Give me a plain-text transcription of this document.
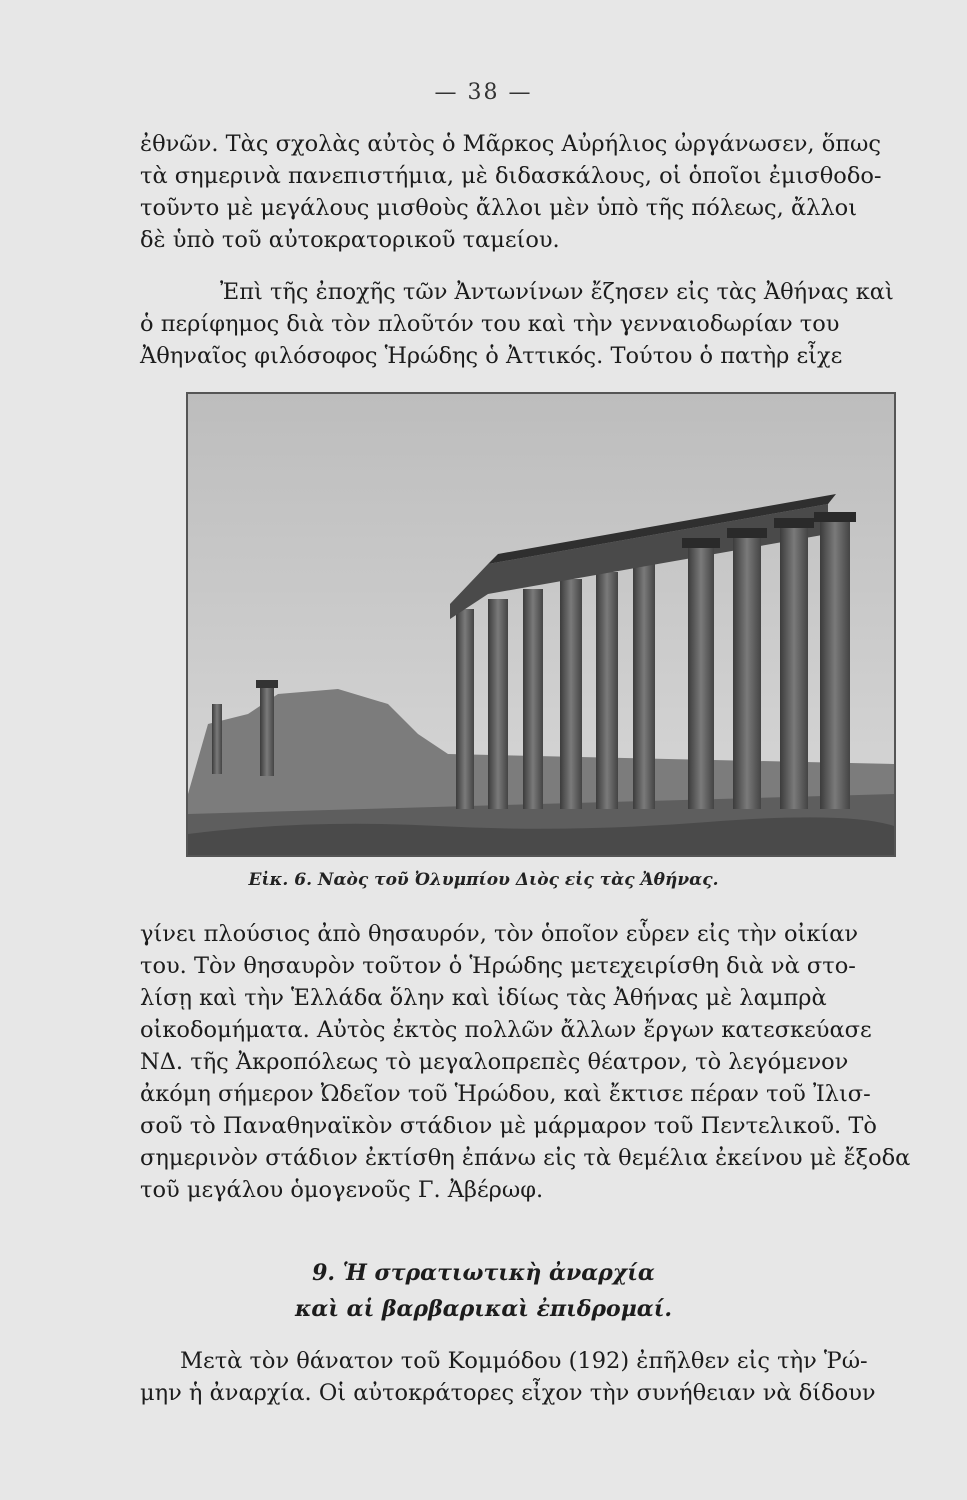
— 38 —
ἐθνῶν. Τὰς σχολὰς αὐτὸς ὁ Μᾶρκος Αὐρήλιος ὠργάνωσεν, ὅπως
τὰ σημερινὰ πανεπιστήμια, μὲ διδασκάλους, οἱ ὁποῖοι ἐμισθοδο-
τοῦντο μὲ μεγάλους μισθοὺς ἄλλοι μὲν ὑπὸ τῆς πόλεως, ἄλλοι
δὲ ὑπὸ τοῦ αὐτοκρατορικοῦ ταμείου.
Ἐπὶ τῆς ἐποχῆς τῶν Ἀντωνίνων ἔζησεν εἰς τὰς Ἀθήνας καὶ
ὁ περίφημος διὰ τὸν πλοῦτόν του καὶ τὴν γενναιοδωρίαν του
Ἀθηναῖος φιλόσοφος Ἡρώδης ὁ Ἀττικός. Τούτου ὁ πατὴρ εἶχε
Εἰκ. 6. Ναὸς τοῦ Ὀλυμπίου Διὸς εἰς τὰς Ἀθήνας.
γίνει πλούσιος ἀπὸ θησαυρόν, τὸν ὁποῖον εὗρεν εἰς τὴν οἰκίαν
του. Τὸν θησαυρὸν τοῦτον ὁ Ἡρώδης μετεχειρίσθη διὰ νὰ στο-
λίσῃ καὶ τὴν Ἑλλάδα ὅλην καὶ ἰδίως τὰς Ἀθήνας μὲ λαμπρὰ
οἰκοδομήματα. Αὐτὸς ἐκτὸς πολλῶν ἄλλων ἔργων κατεσκεύασε
ΝΔ. τῆς Ἀκροπόλεως τὸ μεγαλοπρεπὲς θέατρον, τὸ λεγόμενον
ἀκόμη σήμερον Ὠδεῖον τοῦ Ἡρώδου, καὶ ἔκτισε πέραν τοῦ Ἰλισ-
σοῦ τὸ Παναθηναϊκὸν στάδιον μὲ μάρμαρον τοῦ Πεντελικοῦ. Τὸ
σημερινὸν στάδιον ἐκτίσθη ἐπάνω εἰς τὰ θεμέλια ἐκείνου μὲ ἔξοδα
τοῦ μεγάλου ὁμογενοῦς Γ. Ἀβέρωφ.
9. Ἡ στρατιωτικὴ ἀναρχία
καὶ αἱ βαρβαρικαὶ ἐπιδρομαί.
Μετὰ τὸν θάνατον τοῦ Κομμόδου (192) ἐπῆλθεν εἰς τὴν Ῥώ-
μην ἡ ἀναρχία. Οἱ αὐτοκράτορες εἶχον τὴν συνήθειαν νὰ δίδουν
